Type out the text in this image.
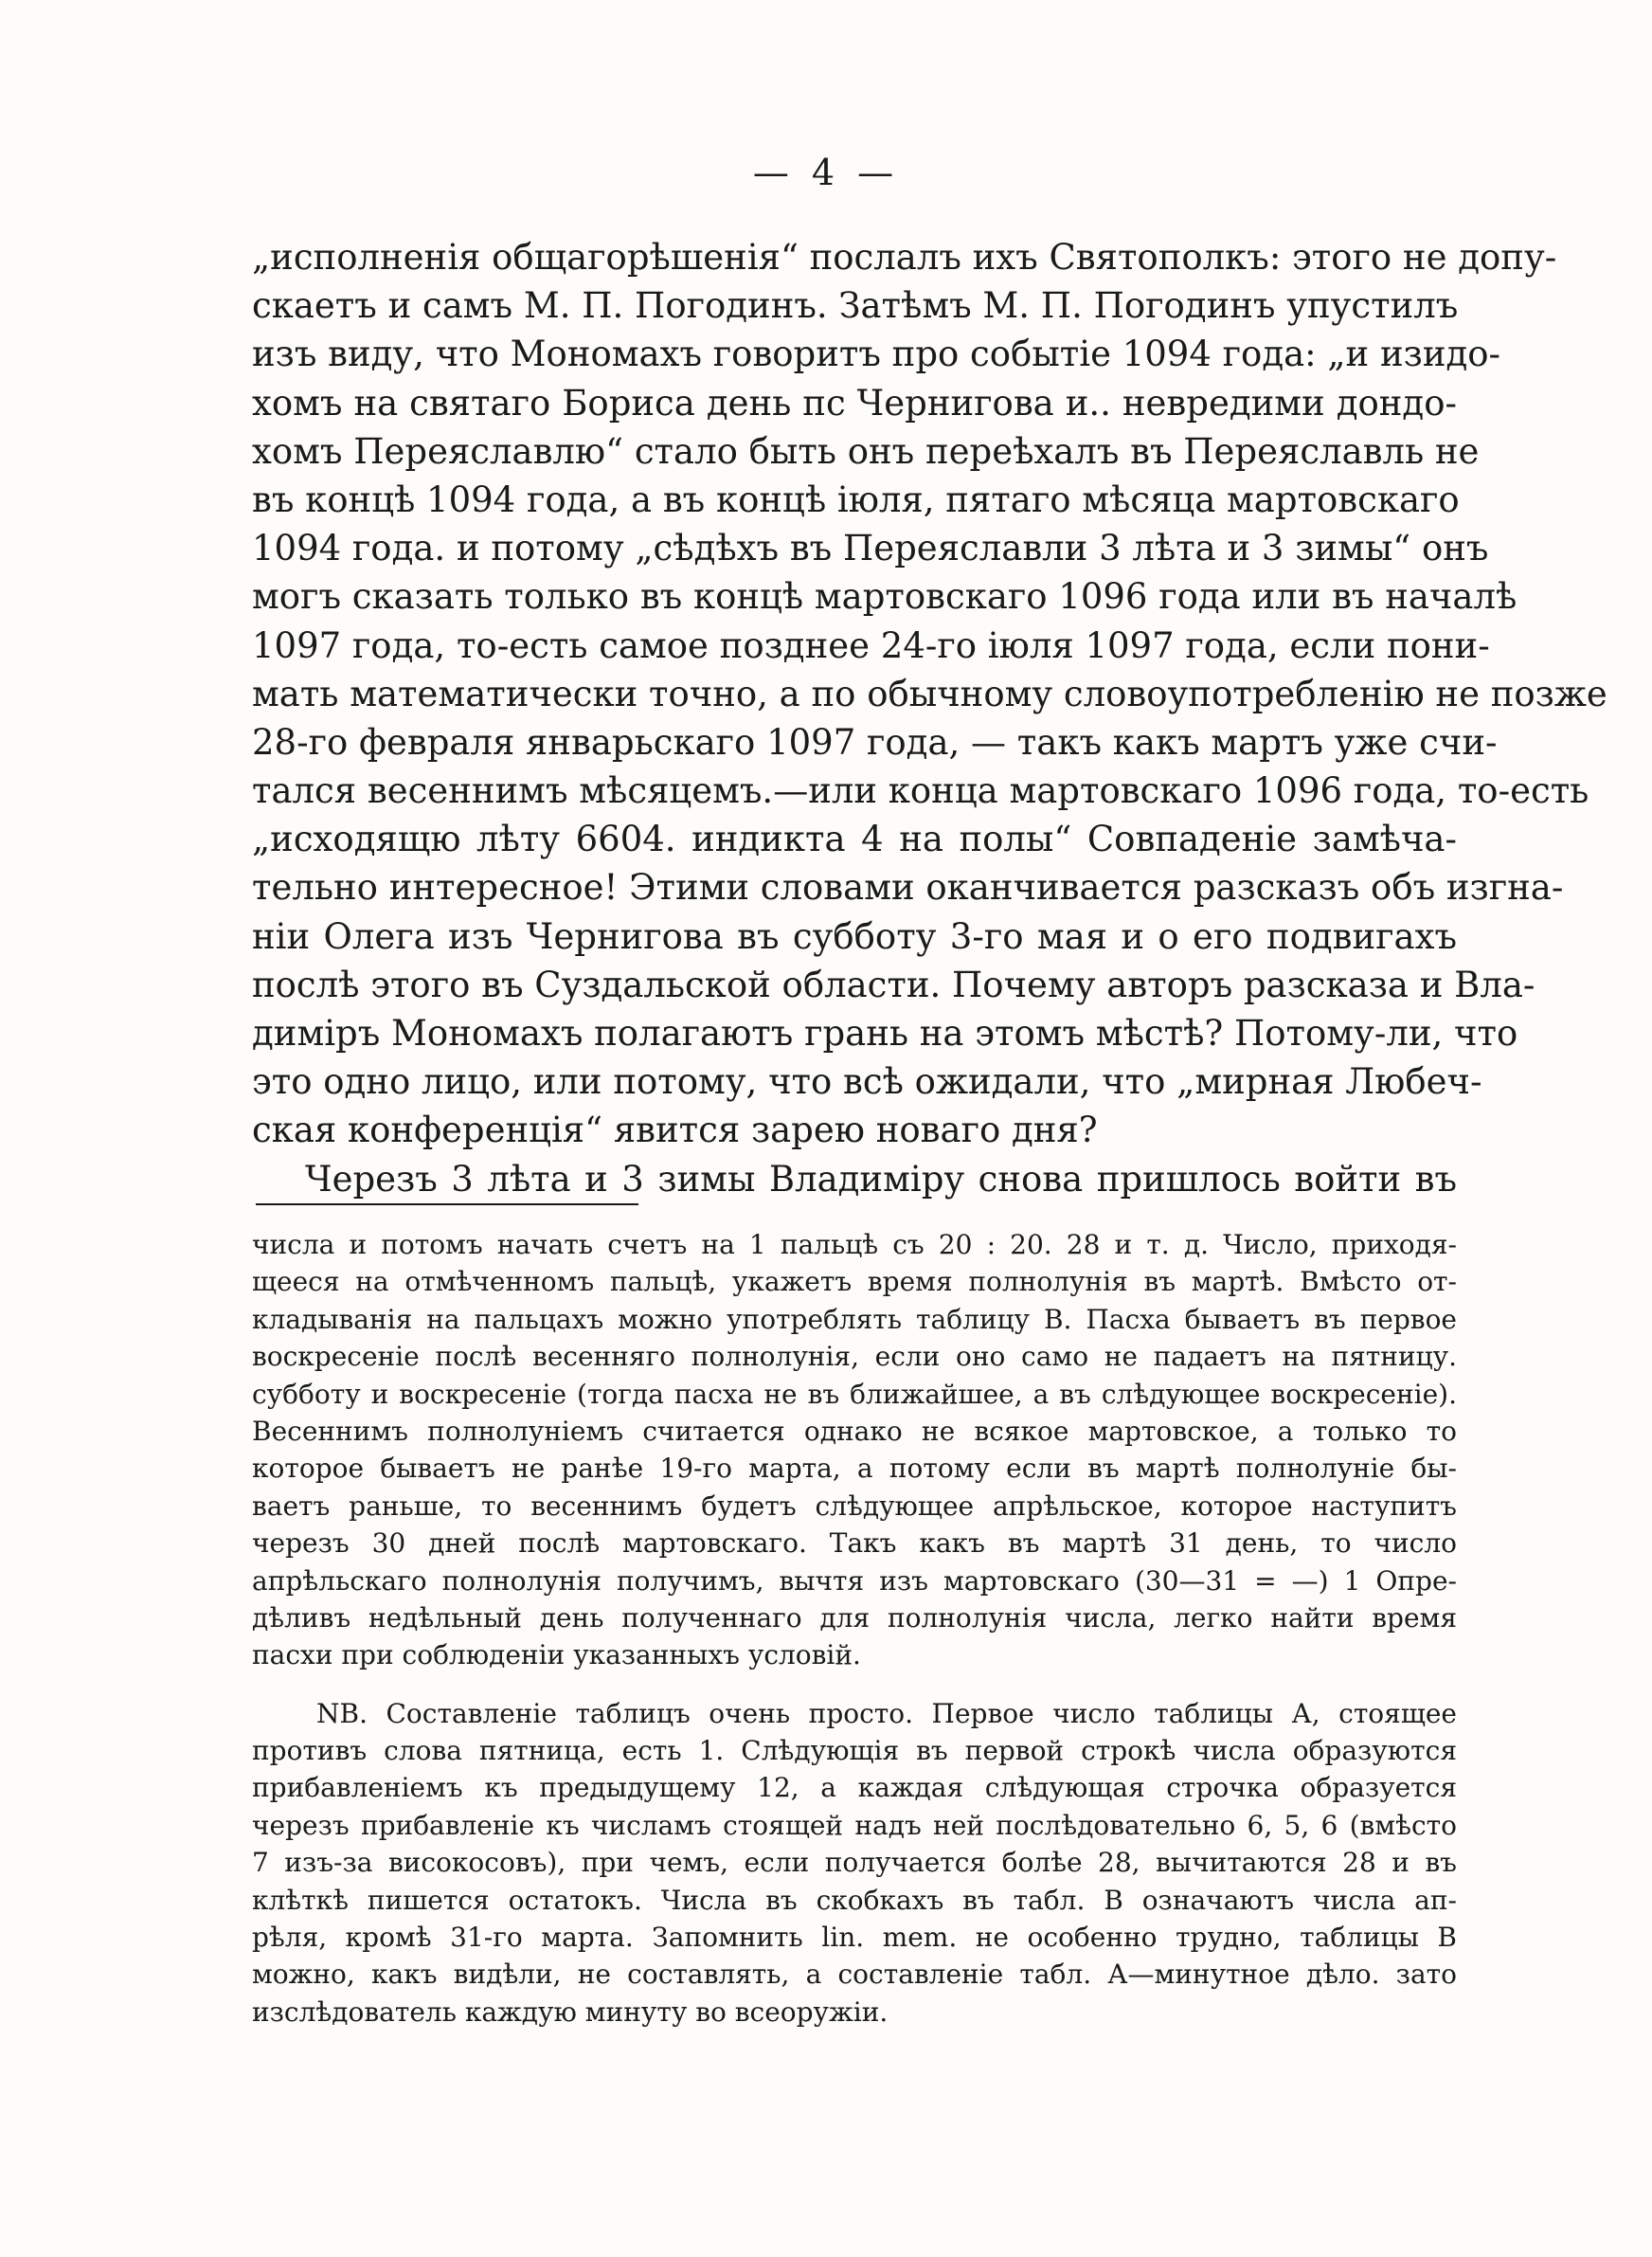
— 4 —
„исполненія общагорѣшенія“ послалъ ихъ Святополкъ: этого не допу-
скаетъ и самъ М. П. Погодинъ. Затѣмъ М. П. Погодинъ упустилъ
изъ виду, что Мономахъ говоритъ про событіе 1094 года: „и изидо-
хомъ на святаго Бориса день пс Чернигова и.. невредими дондо-
хомъ Переяславлю“ стало быть онъ переѣхалъ въ Переяславль не
въ концѣ 1094 года, а въ концѣ іюля, пятаго мѣсяца мартовскаго
1094 года. и потому „сѣдѣхъ въ Переяславли 3 лѣта и 3 зимы“ онъ
могъ сказать только въ концѣ мартовскаго 1096 года или въ началѣ
1097 года, то-есть самое позднее 24-го іюля 1097 года, если пони-
мать математически точно, а по обычному словоупотребленію не позже
28-го февраля январьскаго 1097 года, — такъ какъ мартъ уже счи-
тался весеннимъ мѣсяцемъ.—или конца мартовскаго 1096 года, то-есть
„исходящю лѣту 6604. индикта 4 на полы“ Совпаденіе замѣча-
тельно интересное! Этими словами оканчивается разсказъ объ изгна-
ніи Олега изъ Чернигова въ субботу 3-го мая и о его подвигахъ
послѣ этого въ Суздальской области. Почему авторъ разсказа и Вла-
диміръ Мономахъ полагаютъ грань на этомъ мѣстѣ? Потому-ли, что
это одно лицо, или потому, что всѣ ожидали, что „мирная Любеч-
ская конференція“ явится зарею новаго дня?
Черезъ 3 лѣта и 3 зимы Владиміру снова пришлось войти въ
числа и потомъ начать счетъ на 1 пальцѣ съ 20 : 20. 28 и т. д. Число, приходя-
щееся на отмѣченномъ пальцѣ, укажетъ время полнолунія въ мартѣ. Вмѣсто от-
кладыванія на пальцахъ можно употреблять таблицу В. Пасха бываетъ въ первое
воскресеніе послѣ весенняго полнолунія, если оно само не падаетъ на пятницу.
субботу и воскресеніе (тогда пасха не въ ближайшее, а въ слѣдующее воскресеніе).
Весеннимъ полнолуніемъ считается однако не всякое мартовское, а только то
которое бываетъ не ранѣе 19-го марта, а потому если въ мартѣ полнолуніе бы-
ваетъ раньше, то весеннимъ будетъ слѣдующее апрѣльское, которое наступитъ
черезъ 30 дней послѣ мартовскаго. Такъ какъ въ мартѣ 31 день, то число
апрѣльскаго полнолунія получимъ, вычтя изъ мартовскаго (30—31 = —) 1 Опре-
дѣливъ недѣльный день полученнаго для полнолунія числа, легко найти время
пасхи при соблюденіи указанныхъ условій.
NВ. Составленіе таблицъ очень просто. Первое число таблицы А, стоящее
противъ слова пятница, есть 1. Слѣдующія въ первой строкѣ числа образуются
прибавленіемъ къ предыдущему 12, а каждая слѣдующая строчка образуется
черезъ прибавленіе къ числамъ стоящей надъ ней послѣдовательно 6, 5, 6 (вмѣсто
7 изъ-за високосовъ), при чемъ, если получается болѣе 28, вычитаются 28 и въ
клѣткѣ пишется остатокъ. Числа въ скобкахъ въ табл. В означаютъ числа ап-
рѣля, кромѣ 31-го марта. Запомнить lin. mem. не особенно трудно, таблицы В
можно, какъ видѣли, не составлять, а составленіе табл. А—минутное дѣло. зато
изслѣдователь каждую минуту во всеоружіи.
